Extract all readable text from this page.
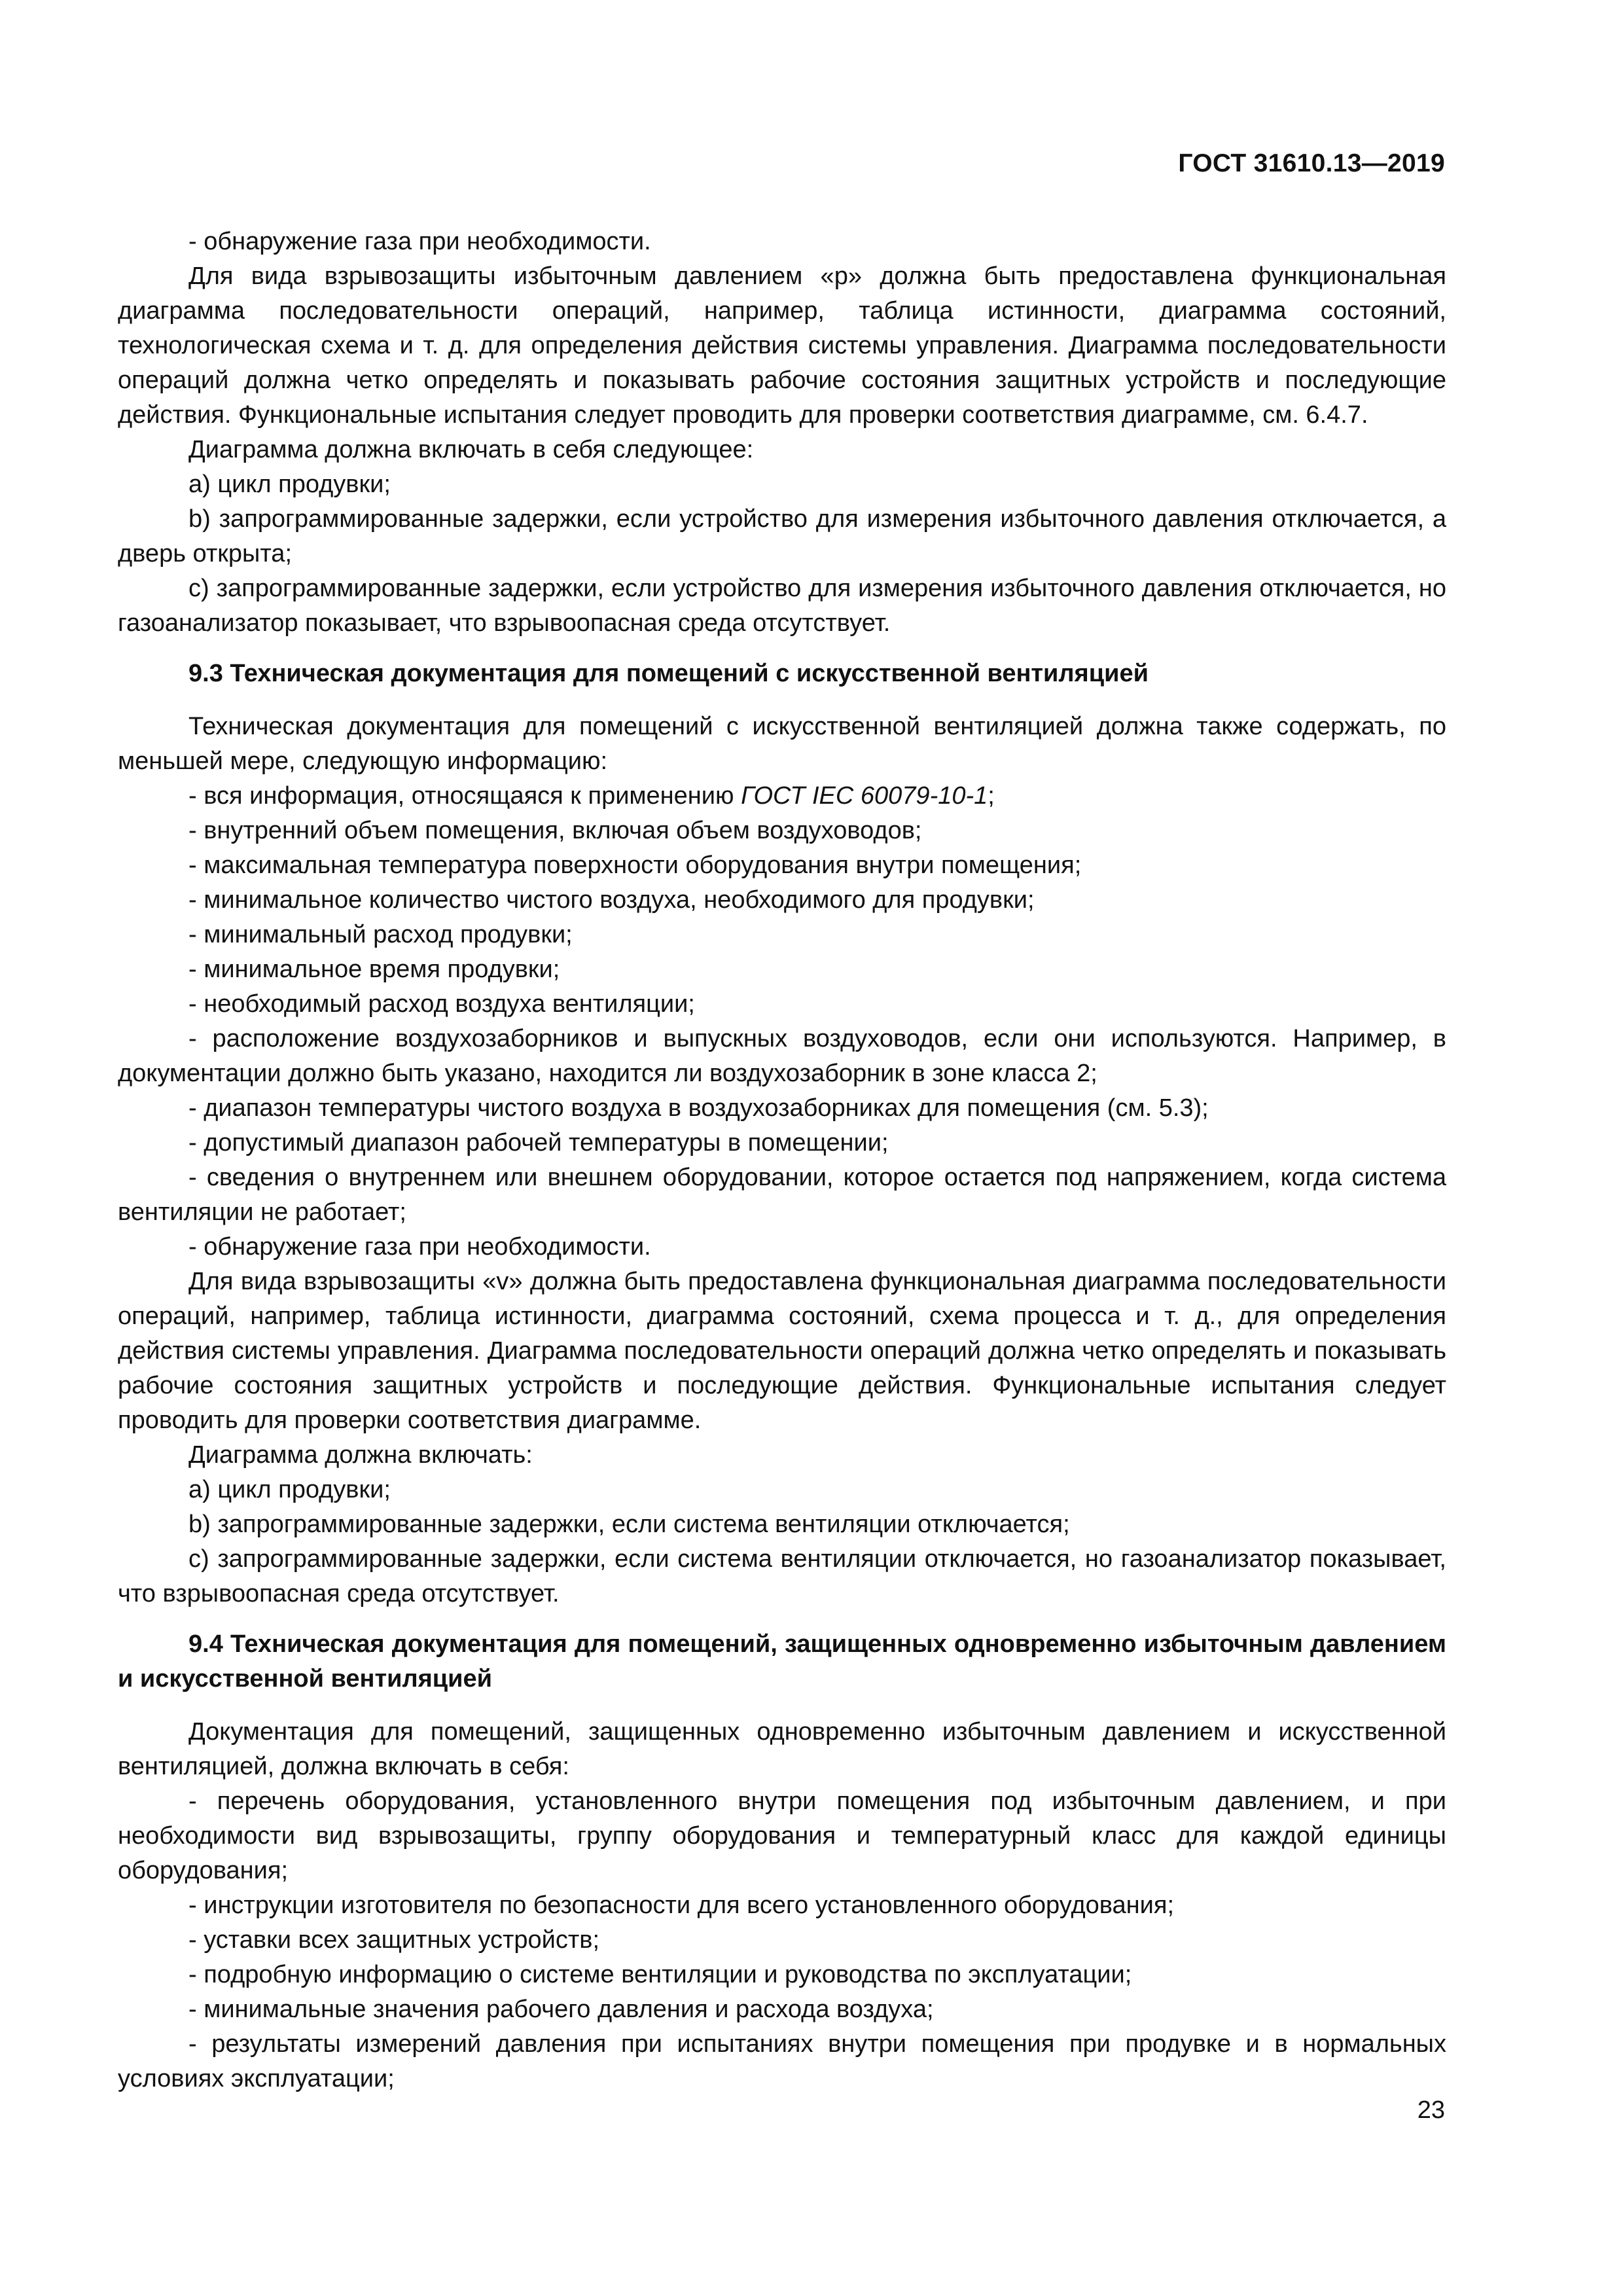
ГОСТ 31610.13—2019

- обнаружение газа при необходимости.

Для вида взрывозащиты избыточным давлением «p» должна быть предоставлена функциональная диаграмма последовательности операций, например, таблица истинности, диаграмма состояний, технологическая схема и т. д. для определения действия системы управления. Диаграмма последовательности операций должна четко определять и показывать рабочие состояния защитных устройств и последующие действия. Функциональные испытания следует проводить для проверки соответствия диаграмме, см. 6.4.7.

Диаграмма должна включать в себя следующее:

a) цикл продувки;

b) запрограммированные задержки, если устройство для измерения избыточного давления отключается, а дверь открыта;

c) запрограммированные задержки, если устройство для измерения избыточного давления отключается, но газоанализатор показывает, что взрывоопасная среда отсутствует.

9.3 Техническая документация для помещений с искусственной вентиляцией

Техническая документация для помещений с искусственной вентиляцией должна также содержать, по меньшей мере, следующую информацию:

- вся информация, относящаяся к применению ГОСТ IEC 60079-10-1;

- внутренний объем помещения, включая объем воздуховодов;

- максимальная температура поверхности оборудования внутри помещения;

- минимальное количество чистого воздуха, необходимого для продувки;

- минимальный расход продувки;

- минимальное время продувки;

- необходимый расход воздуха вентиляции;

- расположение воздухозаборников и выпускных воздуховодов, если они используются. Например, в документации должно быть указано, находится ли воздухозаборник в зоне класса 2;

- диапазон температуры чистого воздуха в воздухозаборниках для помещения (см. 5.3);

- допустимый диапазон рабочей температуры в помещении;

- сведения о внутреннем или внешнем оборудовании, которое остается под напряжением, когда система вентиляции не работает;

- обнаружение газа при необходимости.

Для вида взрывозащиты «v» должна быть предоставлена функциональная диаграмма последовательности операций, например, таблица истинности, диаграмма состояний, схема процесса и т. д., для определения действия системы управления. Диаграмма последовательности операций должна четко определять и показывать рабочие состояния защитных устройств и последующие действия. Функциональные испытания следует проводить для проверки соответствия диаграмме.

Диаграмма должна включать:

a) цикл продувки;

b) запрограммированные задержки, если система вентиляции отключается;

c) запрограммированные задержки, если система вентиляции отключается, но газоанализатор показывает, что взрывоопасная среда отсутствует.

9.4 Техническая документация для помещений, защищенных одновременно избыточным давлением и искусственной вентиляцией

Документация для помещений, защищенных одновременно избыточным давлением и искусственной вентиляцией, должна включать в себя:

- перечень оборудования, установленного внутри помещения под избыточным давлением, и при необходимости вид взрывозащиты, группу оборудования и температурный класс для каждой единицы оборудования;

- инструкции изготовителя по безопасности для всего установленного оборудования;

- уставки всех защитных устройств;

- подробную информацию о системе вентиляции и руководства по эксплуатации;

- минимальные значения рабочего давления и расхода воздуха;

- результаты измерений давления при испытаниях внутри помещения при продувке и в нормальных условиях эксплуатации;

23
